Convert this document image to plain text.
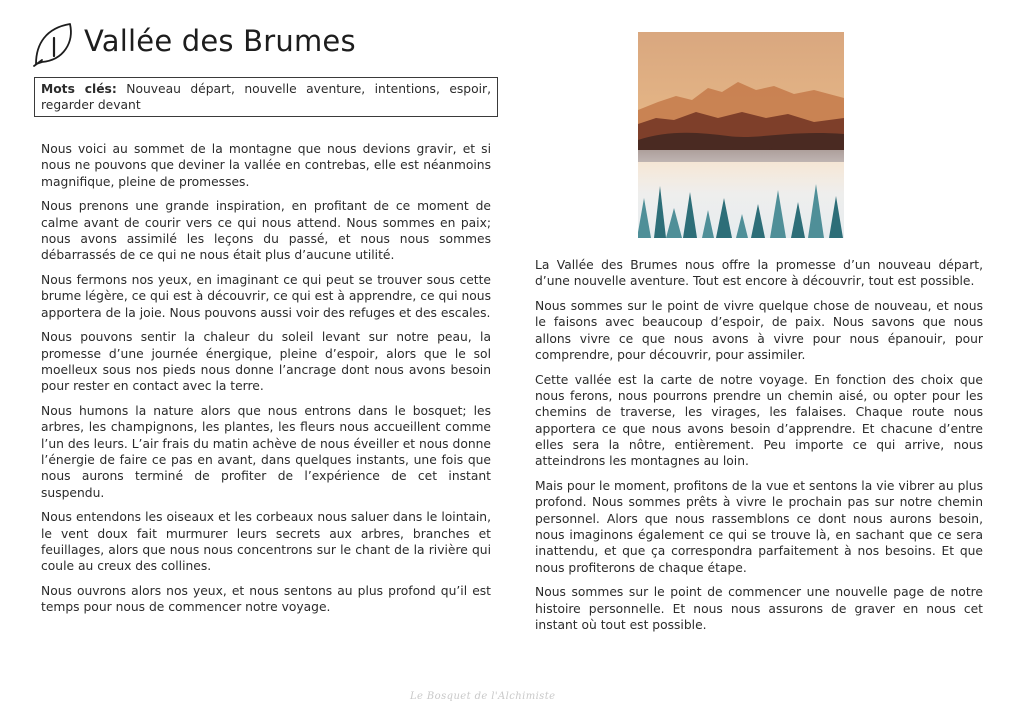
Vallée des Brumes
Mots clés: Nouveau départ, nouvelle aventure, intentions, espoir, regarder devant

Nous voici au sommet de la montagne que nous devions gravir, et si nous ne pouvons que deviner la vallée en contrebas, elle est néanmoins magnifique, pleine de promesses.

Nous prenons une grande inspiration, en profitant de ce moment de calme avant de courir vers ce qui nous attend. Nous sommes en paix; nous avons assimilé les leçons du passé, et nous nous sommes débarrassés de ce qui ne nous était plus d’aucune utilité.

Nous fermons nos yeux, en imaginant ce qui peut se trouver sous cette brume légère, ce qui est à découvrir, ce qui est à apprendre, ce qui nous apportera de la joie. Nous pouvons aussi voir des refuges et des escales.

Nous pouvons sentir la chaleur du soleil levant sur notre peau, la promesse d’une journée énergique, pleine d’espoir, alors que le sol moelleux sous nos pieds nous donne l’ancrage dont nous avons besoin pour rester en contact avec la terre.

Nous humons la nature alors que nous entrons dans le bosquet; les arbres, les champignons, les plantes, les fleurs nous accueillent comme l’un des leurs. L’air frais du matin achève de nous éveiller et nous donne l’énergie de faire ce pas en avant, dans quelques instants, une fois que nous aurons terminé de profiter de l’expérience de cet instant suspendu.

Nous entendons les oiseaux et les corbeaux nous saluer dans le lointain, le vent doux fait murmurer leurs secrets aux arbres, branches et feuillages, alors que nous nous concentrons sur le chant de la rivière qui coule au creux des collines.

Nous ouvrons alors nos yeux, et nous sentons au plus profond qu’il est temps pour nous de commencer notre voyage.

La Vallée des Brumes nous offre la promesse d’un nouveau départ, d’une nouvelle aventure. Tout est encore à découvrir, tout est possible.

Nous sommes sur le point de vivre quelque chose de nouveau, et nous le faisons avec beaucoup d’espoir, de paix. Nous savons que nous allons vivre ce que nous avons à vivre pour nous épanouir, pour comprendre, pour découvrir, pour assimiler.

Cette vallée est la carte de notre voyage. En fonction des choix que nous ferons, nous pourrons prendre un chemin aisé, ou opter pour les chemins de traverse, les virages, les falaises. Chaque route nous apportera ce que nous avons besoin d’apprendre. Et chacune d’entre elles sera la nôtre, entièrement. Peu importe ce qui arrive, nous atteindrons les montagnes au loin.

Mais pour le moment, profitons de la vue et sentons la vie vibrer au plus profond. Nous sommes prêts à vivre le prochain pas sur notre chemin personnel. Alors que nous rassemblons ce dont nous aurons besoin, nous imaginons également ce qui se trouve là, en sachant que ce sera inattendu, et que ça correspondra parfaitement à nos besoins. Et que nous profiterons de chaque étape.

Nous sommes sur le point de commencer une nouvelle page de notre histoire personnelle. Et nous nous assurons de graver en nous cet instant où tout est possible.

Le Bosquet de l'Alchimiste
